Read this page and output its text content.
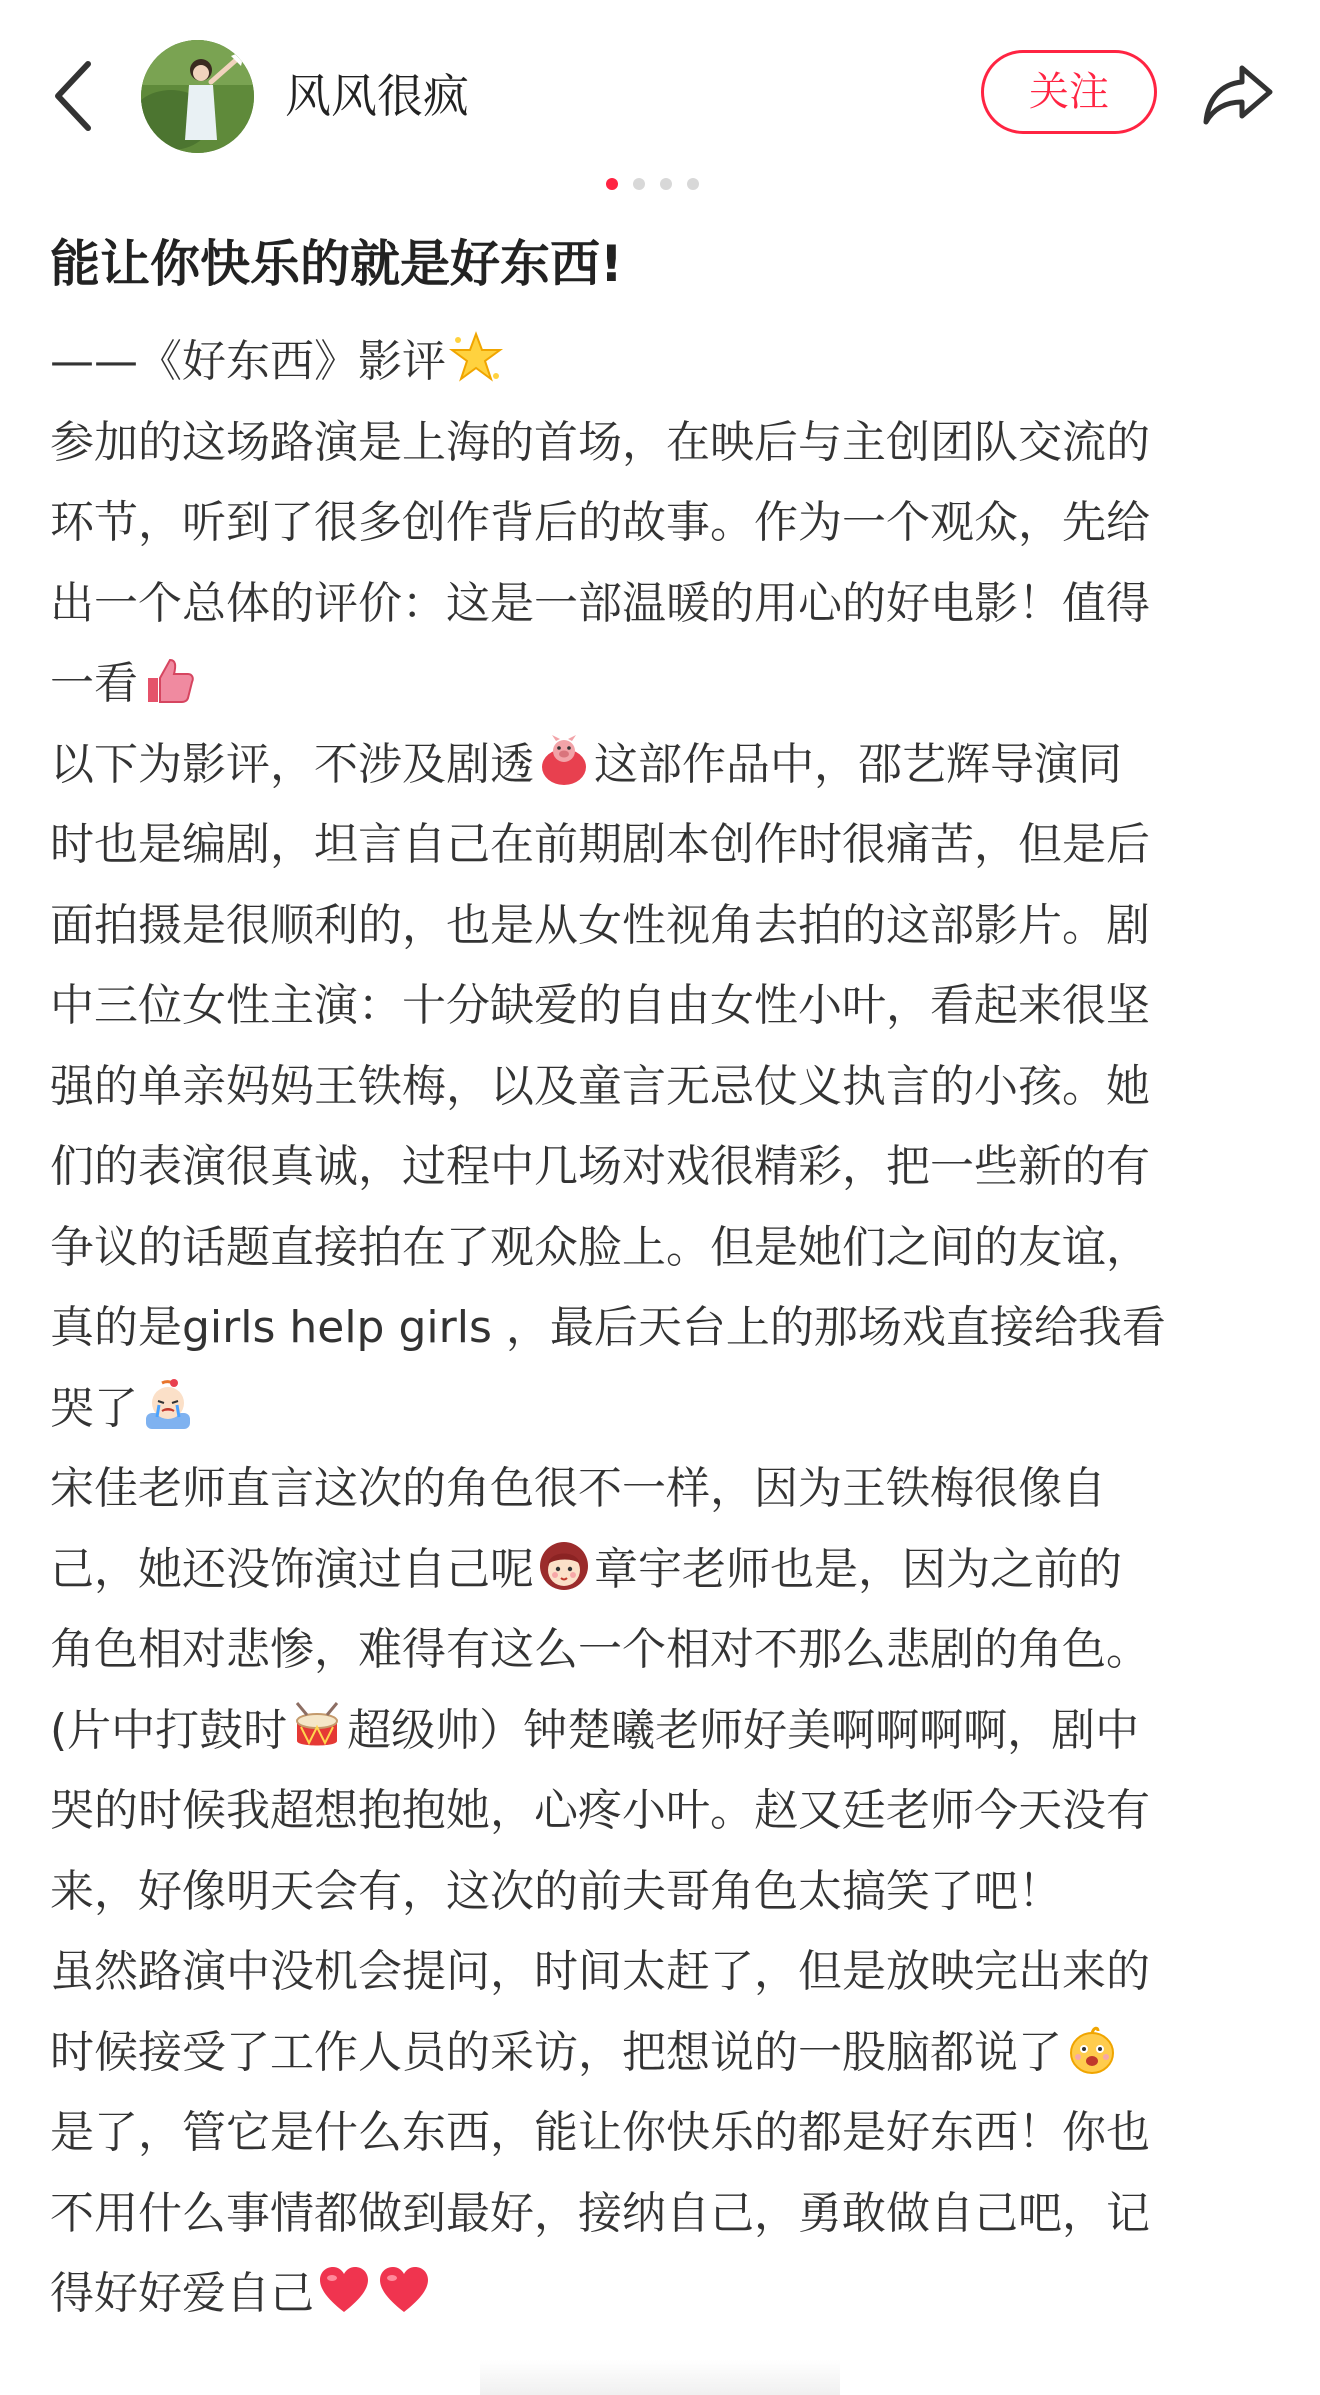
风风很疯	关注
能让你快乐的就是好东西!

——《好东西》影评

参加的这场路演是上海的首场，在映后与主创团队交流的

环节，听到了很多创作背后的故事。作为一个观众，先给

出一个总体的评价：这是一部温暖的用心的好电影！值得

一看

以下为影评，不涉及剧透 这部作品中，邵艺辉导演同

时也是编剧，坦言自己在前期剧本创作时很痛苦，但是后

面拍摄是很顺利的，也是从女性视角去拍的这部影片。剧

中三位女性主演：十分缺爱的自由女性小叶，看起来很坚

强的单亲妈妈王铁梅，以及童言无忌仗义执言的小孩。她

们的表演很真诚，过程中几场对戏很精彩，把一些新的有

争议的话题直接拍在了观众脸上。但是她们之间的友谊，

真的是girls help girls ，最后天台上的那场戏直接给我看

哭了

宋佳老师直言这次的角色很不一样，因为王铁梅很像自

己，她还没饰演过自己呢 章宇老师也是，因为之前的

角色相对悲惨，难得有这么一个相对不那么悲剧的角色。

(片中打鼓时 超级帅）钟楚曦老师好美啊啊啊啊，剧中

哭的时候我超想抱抱她，心疼小叶。赵又廷老师今天没有

来，好像明天会有，这次的前夫哥角色太搞笑了吧！

虽然路演中没机会提问，时间太赶了，但是放映完出来的

时候接受了工作人员的采访，把想说的一股脑都说了

是了，管它是什么东西，能让你快乐的都是好东西！你也

不用什么事情都做到最好，接纳自己，勇敢做自己吧，记

得好好爱自己
